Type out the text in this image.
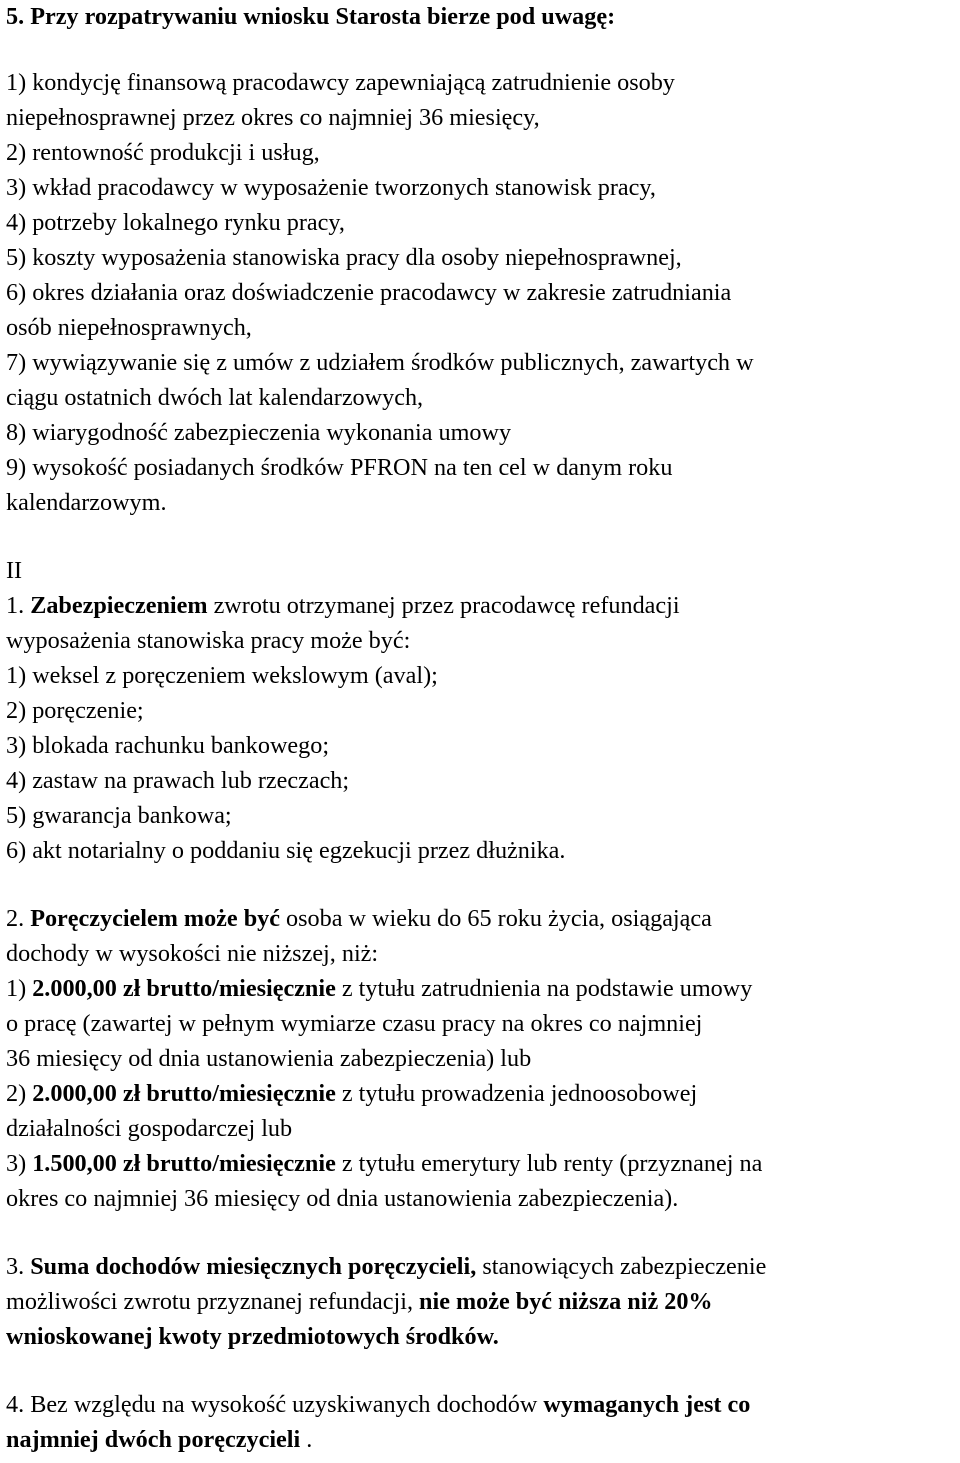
5. Przy rozpatrywaniu wniosku Starosta bierze pod uwagę:
1) kondycję finansową pracodawcy zapewniającą zatrudnienie osoby
niepełnosprawnej przez okres co najmniej 36 miesięcy,
2) rentowność produkcji i usług,
3) wkład pracodawcy w wyposażenie tworzonych stanowisk pracy,
4) potrzeby lokalnego rynku pracy,
5) koszty wyposażenia stanowiska pracy dla osoby niepełnosprawnej,
6) okres działania oraz doświadczenie pracodawcy w zakresie zatrudniania
osób niepełnosprawnych,
7) wywiązywanie się z umów z udziałem środków publicznych, zawartych w
ciągu ostatnich dwóch lat kalendarzowych,
8) wiarygodność zabezpieczenia wykonania umowy
9) wysokość posiadanych środków PFRON na ten cel w danym roku
kalendarzowym.
II
1. Zabezpieczeniem zwrotu otrzymanej przez pracodawcę refundacji
wyposażenia stanowiska pracy może być:
1) weksel z poręczeniem wekslowym (aval);
2) poręczenie;
3) blokada rachunku bankowego;
4) zastaw na prawach lub rzeczach;
5) gwarancja bankowa;
6) akt notarialny o poddaniu się egzekucji przez dłużnika.
2. Poręczycielem może być osoba w wieku do 65 roku życia, osiągająca
dochody w wysokości nie niższej, niż:
1) 2.000,00 zł brutto/miesięcznie z tytułu zatrudnienia na podstawie umowy
o pracę (zawartej w pełnym wymiarze czasu pracy na okres co najmniej
36 miesięcy od dnia ustanowienia zabezpieczenia) lub
2) 2.000,00 zł brutto/miesięcznie z tytułu prowadzenia jednoosobowej
działalności gospodarczej lub
3) 1.500,00 zł brutto/miesięcznie z tytułu emerytury lub renty (przyznanej na
okres co najmniej 36 miesięcy od dnia ustanowienia zabezpieczenia).
3. Suma dochodów miesięcznych poręczycieli, stanowiących zabezpieczenie
możliwości zwrotu przyznanej refundacji, nie może być niższa niż 20%
wnioskowanej kwoty przedmiotowych środków.
4. Bez względu na wysokość uzyskiwanych dochodów wymaganych jest co
najmniej dwóch poręczycieli .
